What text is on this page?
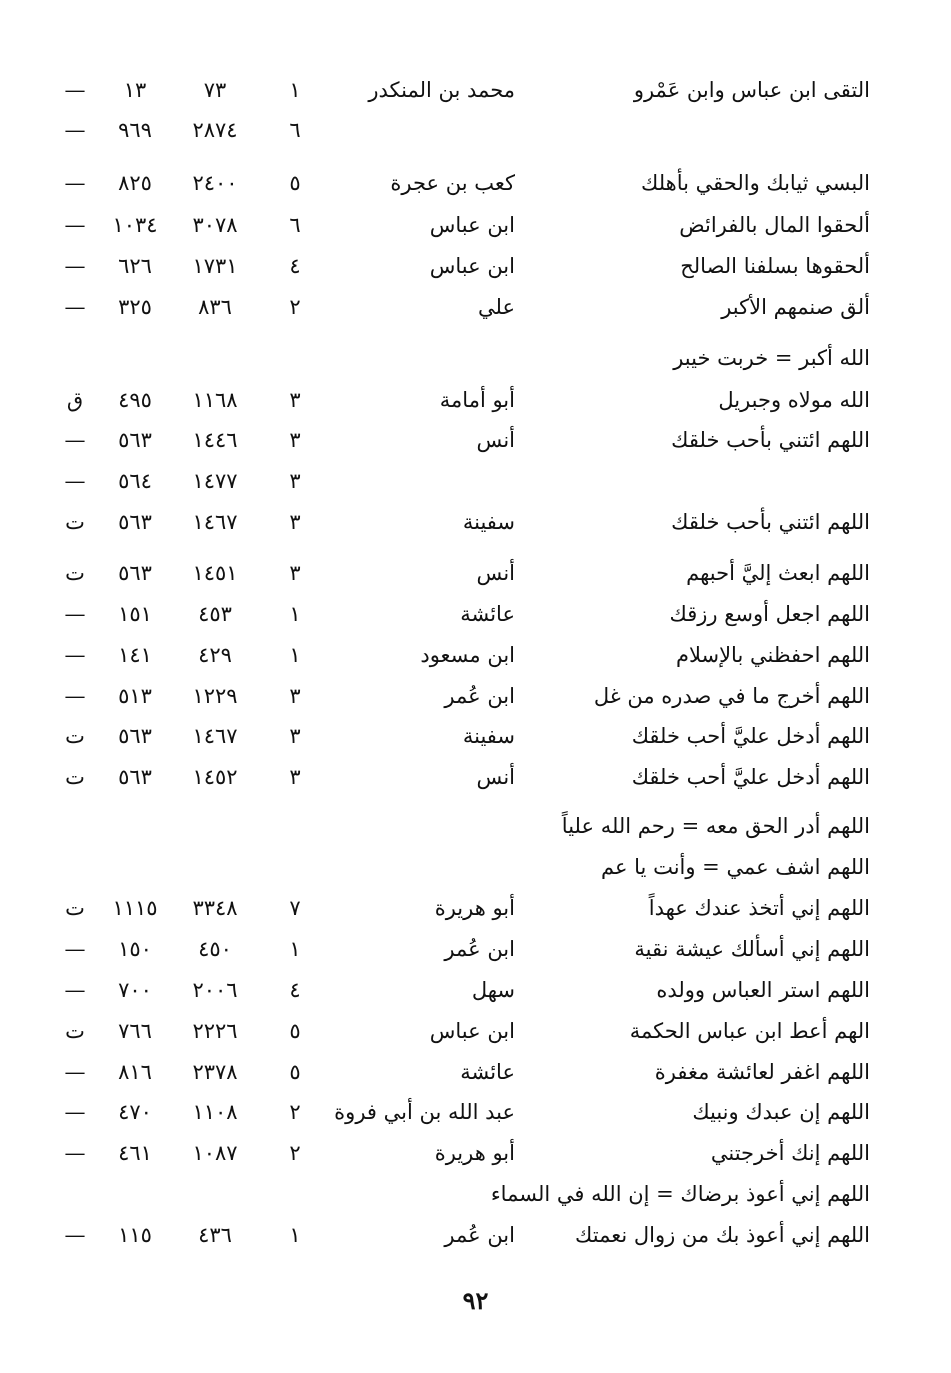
التقى ابن عباس وابن عَمْرو
محمد بن المنكدر
١
٧٣
١٣
—
٦
٢٨٧٤
٩٦٩
—
البسي ثيابك والحقي بأهلك
كعب بن عجرة
٥
٢٤٠٠
٨٢٥
—
ألحقوا المال بالفرائض
ابن عباس
٦
٣٠٧٨
١٠٣٤
—
ألحقوها بسلفنا الصالح
ابن عباس
٤
١٧٣١
٦٢٦
—
ألق صنمهم الأكبر
علي
٢
٨٣٦
٣٢٥
—
الله أكبر = خربت خيبر
الله مولاه وجبريل
أبو أمامة
٣
١١٦٨
٤٩٥
ق
اللهم ائتني بأحب خلقك
أنس
٣
١٤٤٦
٥٦٣
—
٣
١٤٧٧
٥٦٤
—
اللهم ائتني بأحب خلقك
سفينة
٣
١٤٦٧
٥٦٣
ت
اللهم ابعث إليَّ أحبهم
أنس
٣
١٤٥١
٥٦٣
ت
اللهم اجعل أوسع رزقك
عائشة
١
٤٥٣
١٥١
—
اللهم احفظني بالإسلام
ابن مسعود
١
٤٢٩
١٤١
—
اللهم أخرج ما في صدره من غل
ابن عُمر
٣
١٢٢٩
٥١٣
—
اللهم أدخل عليَّ أحب خلقك
سفينة
٣
١٤٦٧
٥٦٣
ت
اللهم أدخل عليَّ أحب خلقك
أنس
٣
١٤٥٢
٥٦٣
ت
اللهم أدر الحق معه = رحم الله علياً
اللهم اشف عمي = وأنت يا عم
اللهم إني أتخذ عندك عهداً
أبو هريرة
٧
٣٣٤٨
١١١٥
ت
اللهم إني أسألك عيشة نقية
ابن عُمر
١
٤٥٠
١٥٠
—
اللهم استر العباس وولده
سهل
٤
٢٠٠٦
٧٠٠
—
الهم أعط ابن عباس الحكمة
ابن عباس
٥
٢٢٢٦
٧٦٦
ت
اللهم اغفر لعائشة مغفرة
عائشة
٥
٢٣٧٨
٨١٦
—
اللهم إن عبدك ونبيك
عبد الله بن أبي فروة
٢
١١٠٨
٤٧٠
—
اللهم إنك أخرجتني
أبو هريرة
٢
١٠٨٧
٤٦١
—
اللهم إني أعوذ برضاك = إن الله في السماء
اللهم إني أعوذ بك من زوال نعمتك
ابن عُمر
١
٤٣٦
١١٥
—
٩٢
